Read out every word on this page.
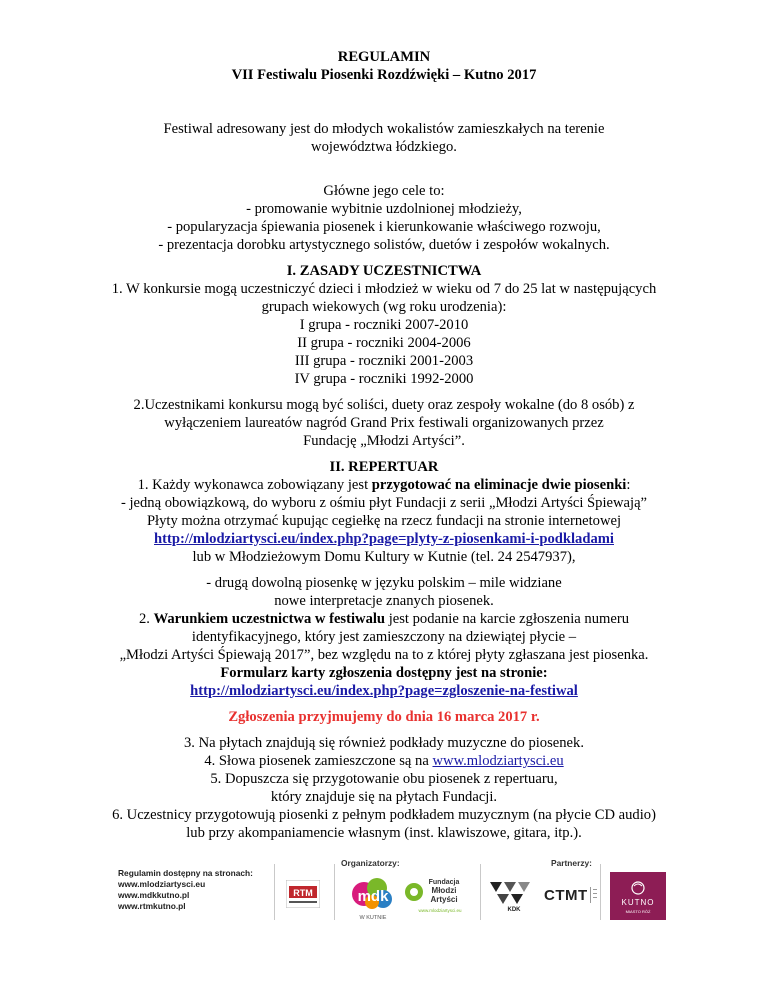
REGULAMIN
VII Festiwalu Piosenki Rozdźwięki – Kutno 2017
Festiwal adresowany jest do młodych wokalistów zamieszkałych na terenie
województwa łódzkiego.
Główne jego cele to:
- promowanie wybitnie uzdolnionej młodzieży,
- popularyzacja śpiewania piosenek i kierunkowanie właściwego rozwoju,
- prezentacja dorobku artystycznego solistów, duetów i zespołów wokalnych.
I. ZASADY UCZESTNICTWA
1. W konkursie mogą uczestniczyć dzieci i młodzież w wieku od 7 do 25 lat w następujących
grupach wiekowych (wg roku urodzenia):
I grupa - roczniki 2007-2010
II grupa - roczniki 2004-2006
III grupa - roczniki 2001-2003
IV grupa - roczniki 1992-2000
2.Uczestnikami konkursu mogą być soliści, duety oraz zespoły wokalne (do 8 osób) z
wyłączeniem laureatów nagród Grand Prix festiwali organizowanych przez
Fundację „Młodzi Artyści”.
II. REPERTUAR
1. Każdy wykonawca zobowiązany jest przygotować na eliminacje dwie piosenki:
- jedną obowiązkową, do wyboru z ośmiu płyt Fundacji z serii „Młodzi Artyści Śpiewają”
Płyty można otrzymać kupując cegiełkę na rzecz fundacji na stronie internetowej
http://mlodziartysci.eu/index.php?page=plyty-z-piosenkami-i-podkladami
lub w Młodzieżowym Domu Kultury w Kutnie (tel. 24 2547937),
- drugą dowolną piosenkę w języku polskim – mile widziane
nowe interpretacje znanych piosenek.
2. Warunkiem uczestnictwa w festiwalu jest podanie na karcie zgłoszenia numeru
identyfikacyjnego, który jest zamieszczony na dziewiątej płycie –
„Młodzi Artyści Śpiewają 2017”, bez względu na to z której płyty zgłaszana jest piosenka.
Formularz karty zgłoszenia dostępny jest na stronie:
http://mlodziartysci.eu/index.php?page=zgloszenie-na-festiwal
Zgłoszenia przyjmujemy do dnia 16 marca 2017 r.
3. Na płytach znajdują się również podkłady muzyczne do piosenek.
4. Słowa piosenek zamieszczone są na www.mlodziartysci.eu
5. Dopuszcza się przygotowanie obu piosenek z repertuaru,
który znajduje się na płytach Fundacji.
6. Uczestnicy przygotowują piosenki z pełnym podkładem muzycznym (na płycie CD audio)
lub przy akompaniamencie własnym (inst. klawiszowe, gitara, itp.).
Regulamin dostępny na stronach:
www.mlodziartysci.eu
www.mdkkutno.pl
www.rtmkutno.pl
RTM
Organizatorzy:
mdk
W KUTNIE
Fundacja
Młodzi
Artyści
www.mlodziartysci.eu
Partnerzy:
KDK
CTMT	KUTNO
MIASTO RÓŻ
